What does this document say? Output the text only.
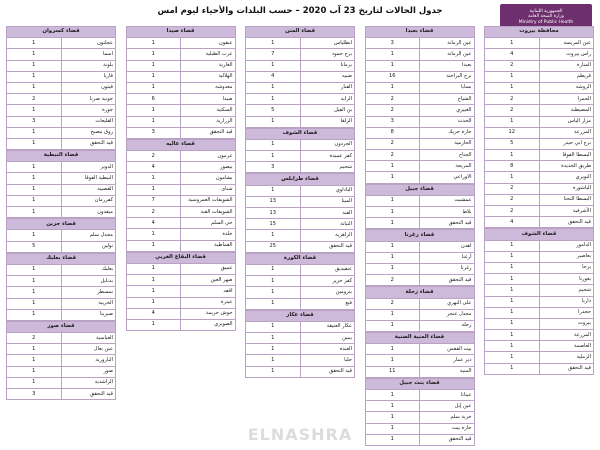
الجمهورية اللبنانية
وزارة الصحة العامة
Ministry of Public Health
جدول الحالات لتاريخ 23 آب 2020 – حسب البلدات والأحياء ليوم امس
قضاء كسروان	
عجلتون	1
اسما	1
بلونة	1
فاريا	1
فيتون	1
جونية صربا	2
جورة	1
القليعات	3
زوق مصبح	1
قيد التحقق	1
قضاء النبطية	
الدوير	1
النبطية الفوقا	1
القصيبة	1
كفررمان	1
ميفدون	1
قضاء جزين	
مجدل سلم	1
تولين	5
قضاء بعلبك	
بعلبك	1
بدنايل	1
تمسطر	1
الخريبة	1
صبرينا	1
قضاء صور	
العباسية	2
عين بعال	1
البازورية	1
صور	1
الراشدية	1
قيد التحقق	3
قضاء صيدا	
عنقون	1
عرب الطبلية	1
الغازية	1
الهلالية	1
مغدوشة	1
صيدا	6
السكنية	1
الزرارية	1
قيد التحقق	3
قضاء عاليه	
عرمون	2
بيصور	4
بشامون	1
شنای	1
الشويفات العمروسية	7
الشويفات القبة	2
حي السلم	4
خلدة	1
القماطية	1
قضاء البقاع الغربي	
عميق	1
ضهر العين	1
اقفه	1
عيترة	1
حوش حريمة	4
الصويري	1
قضاء المتن	
انطلياس	1
برج حمود	7
برمانا	1
ضبيه	4
الفنار	1
الراية	1
بن الفيل	5
الزلقا	1
قضاء الشوف	
الجردون	1
كفر عميدة	1
شحيم	3
قضاء طرابلس	
الباداوي	1
المينا	13
القبة	13
التبانة	15
الزاهرية	1
قيد التحقق	25
قضاء الكورة	
عنفيديق	1
كفر حزير	1
بترومين	1
فيع	1
قضاء عكار	
عكار العتيقة	1
ببنين	1
العبدة	1
حلبا	1
قيد التحقق	1
قضاء بعبدا	
عين الرمانة	3
عين الرمانة	1
بعبدا	1
برج البراجنة	16
بسابا	1
الشياح	2
الغبيري	2
الحدث	3
حارة حريك	8
الحازمية	2
الجناح	2
المريجة	1
الاوزاعي	1
قضاء جبيل	
عمشيت	1
بلاط	1
قيد التحقق	1
قضاء زغرتا	
اهدن	1
أرغنا	1
زغرتا	1
قيد التحقق	2
قضاء زحلة	
على النهري	2
مجدل عنجر	1
زحلة	1
قضاء المنية الضنية	
بيت الفقس	1
دير عمار	1
المنية	11
قضاء بنت جبيل	
عيناتا	1
عين إبل	1
خربة سلم	1
حارة بيت	1
قيد التحقق	1
محافظة بيروت	
عين المريسة	1
راس بيروت	4
المنارة	2
قريطم	1
الروشة	1
الحمرا	2
المصيطبة	2
مزار الياس	1
المزرعة	12
برج ابي حيدر	5
البسطا الفوقا	1
طريق الجديدة	8
النويري	1
الباشورة	2
البسطا التحتا	2
الأشرفية	2
قيد التحقق	4
قضاء الشوف	
الدامور	1
بعاصير	1
برجا	1
بعورتا	1
شحيم	1
داريا	1
حجدرا	1
بيروت	1
المزرعة	1
العاصمة	1
الرملية	1
قيد التحقق	1
ELNASHRA
